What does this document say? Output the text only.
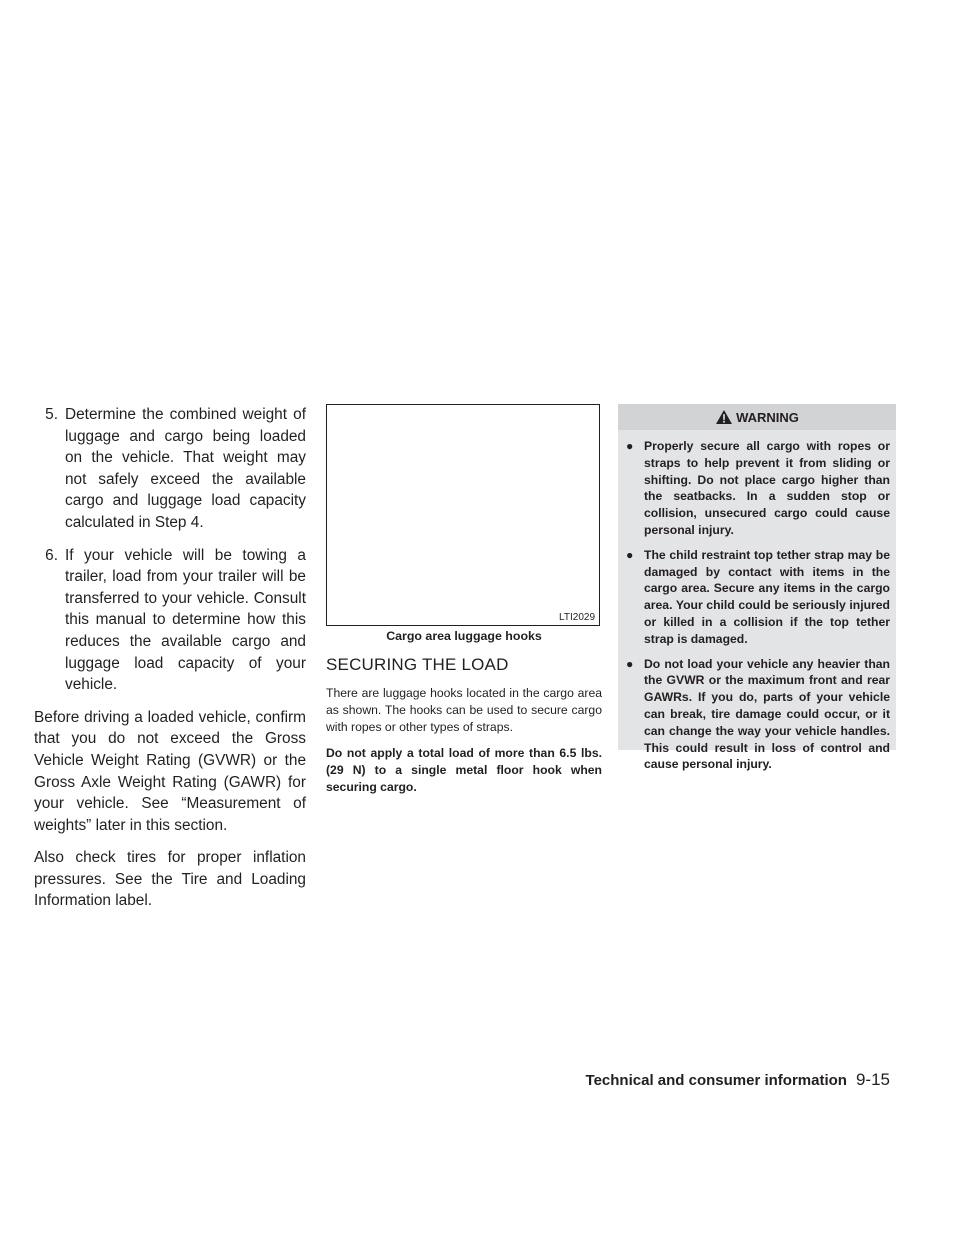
5. Determine the combined weight of luggage and cargo being loaded on the vehicle. That weight may not safely exceed the available cargo and luggage load capacity calculated in Step 4.
6. If your vehicle will be towing a trailer, load from your trailer will be transferred to your vehicle. Consult this manual to determine how this reduces the available cargo and luggage load capacity of your vehicle.

Before driving a loaded vehicle, confirm that you do not exceed the Gross Vehicle Weight Rating (GVWR) or the Gross Axle Weight Rating (GAWR) for your vehicle. See “Measurement of weights” later in this section.

Also check tires for proper inflation pressures. See the Tire and Loading Information label.

LTI2029
Cargo area luggage hooks
SECURING THE LOAD

There are luggage hooks located in the cargo area as shown. The hooks can be used to secure cargo with ropes or other types of straps.

Do not apply a total load of more than 6.5 lbs. (29 N) to a single metal floor hook when securing cargo.

WARNING
● Properly secure all cargo with ropes or straps to help prevent it from sliding or shifting. Do not place cargo higher than the seatbacks. In a sudden stop or collision, unsecured cargo could cause personal injury.
● The child restraint top tether strap may be damaged by contact with items in the cargo area. Secure any items in the cargo area. Your child could be seriously injured or killed in a collision if the top tether strap is damaged.
● Do not load your vehicle any heavier than the GVWR or the maximum front and rear GAWRs. If you do, parts of your vehicle can break, tire damage could occur, or it can change the way your vehicle handles. This could result in loss of control and cause personal injury.
Technical and consumer information 9-15
